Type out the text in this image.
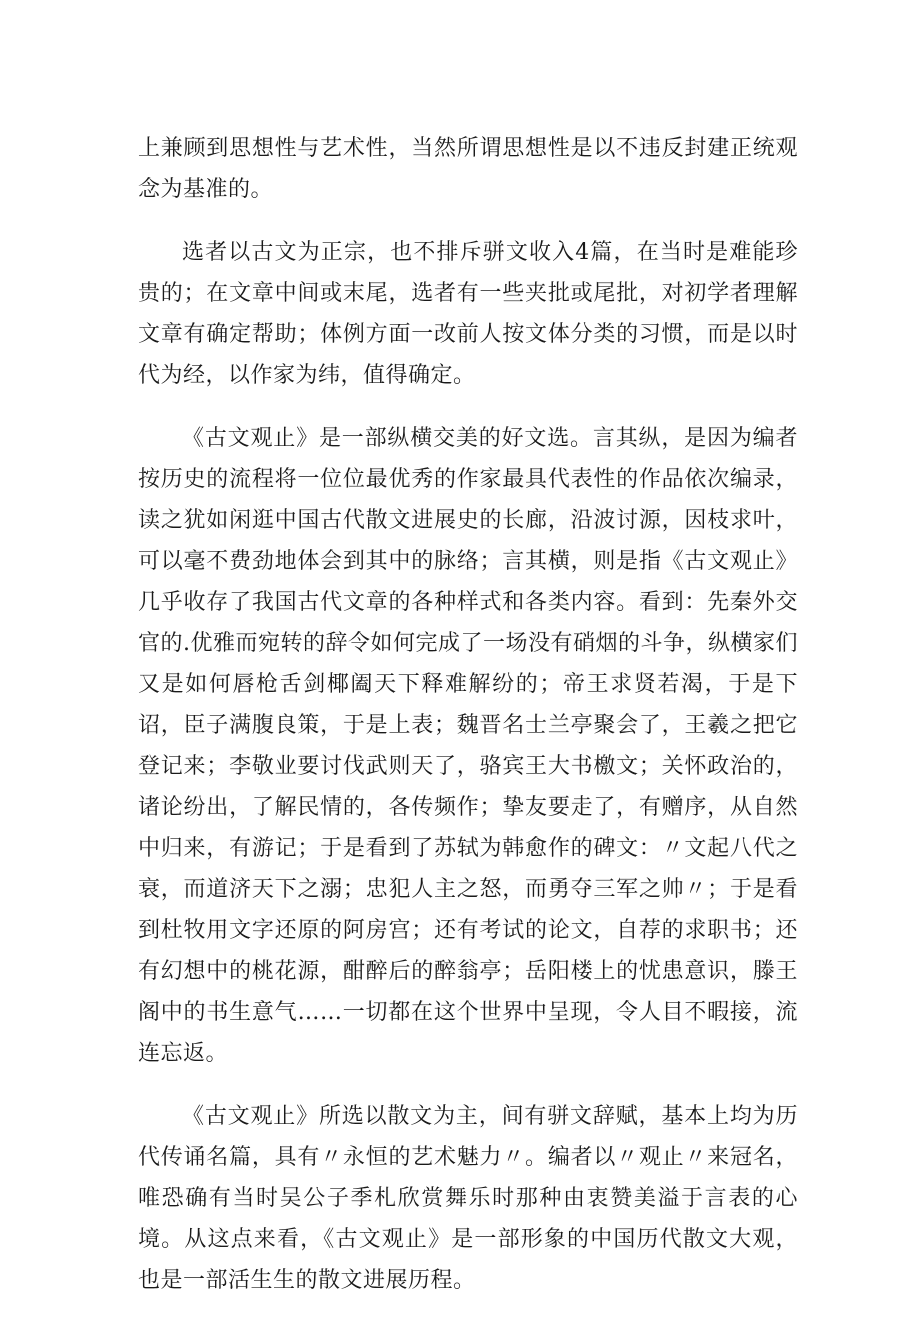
上兼顾到思想性与艺术性，当然所谓思想性是以不违反封建正统观念为基准的。

选者以古文为正宗，也不排斥骈文收入4篇，在当时是难能珍贵的；在文章中间或末尾，选者有一些夹批或尾批，对初学者理解文章有确定帮助；体例方面一改前人按文体分类的习惯，而是以时代为经，以作家为纬，值得确定。

《古文观止》是一部纵横交美的好文选。言其纵，是因为编者按历史的流程将一位位最优秀的作家最具代表性的作品依次编录，读之犹如闲逛中国古代散文进展史的长廊，沿波讨源，因枝求叶，可以毫不费劲地体会到其中的脉络；言其横，则是指《古文观止》几乎收存了我国古代文章的各种样式和各类内容。看到：先秦外交官的.优雅而宛转的辞令如何完成了一场没有硝烟的斗争，纵横家们又是如何唇枪舌剑椰阖天下释难解纷的；帝王求贤若渴，于是下诏，臣子满腹良策，于是上表；魏晋名士兰亭聚会了，王羲之把它登记来；李敬业要讨伐武则天了，骆宾王大书檄文；关怀政治的，诸论纷出，了解民情的，各传频作；挚友要走了，有赠序，从自然中归来，有游记；于是看到了苏轼为韩愈作的碑文：〃文起八代之衰，而道济天下之溺；忠犯人主之怒，而勇夺三军之帅〃；于是看到杜牧用文字还原的阿房宫；还有考试的论文，自荐的求职书；还有幻想中的桃花源，酣醉后的醉翁亭；岳阳楼上的忧患意识，滕王阁中的书生意气……一切都在这个世界中呈现，令人目不暇接，流连忘返。

《古文观止》所选以散文为主，间有骈文辞赋，基本上均为历代传诵名篇，具有〃永恒的艺术魅力〃。编者以〃观止〃来冠名，唯恐确有当时吴公子季札欣赏舞乐时那种由衷赞美溢于言表的心境。从这点来看，《古文观止》是一部形象的中国历代散文大观，也是一部活生生的散文进展历程。
